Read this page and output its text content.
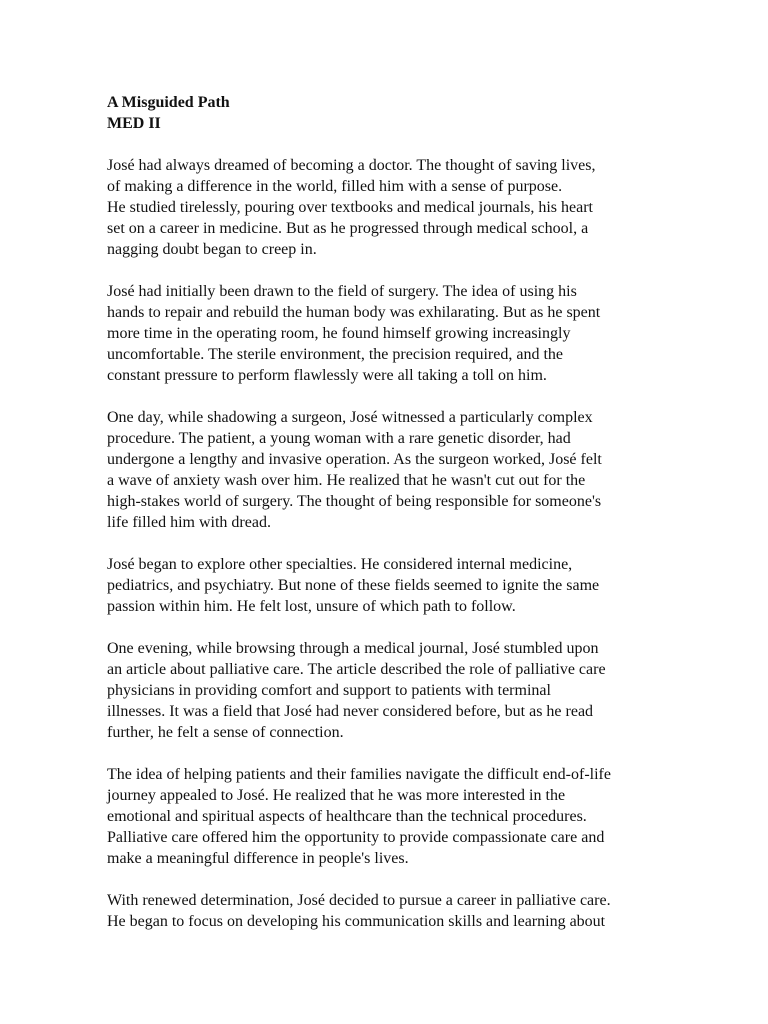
A Misguided Path
MED II
José had always dreamed of becoming a doctor. The thought of saving lives,
of making a difference in the world, filled him with a sense of purpose.
He studied tirelessly, pouring over textbooks and medical journals, his heart
set on a career in medicine. But as he progressed through medical school, a
nagging doubt began to creep in.
José had initially been drawn to the field of surgery. The idea of using his
hands to repair and rebuild the human body was exhilarating. But as he spent
more time in the operating room, he found himself growing increasingly
uncomfortable. The sterile environment, the precision required, and the
constant pressure to perform flawlessly were all taking a toll on him.
One day, while shadowing a surgeon, José witnessed a particularly complex
procedure. The patient, a young woman with a rare genetic disorder, had
undergone a lengthy and invasive operation. As the surgeon worked, José felt
a wave of anxiety wash over him. He realized that he wasn't cut out for the
high-stakes world of surgery. The thought of being responsible for someone's
life filled him with dread.
José began to explore other specialties. He considered internal medicine,
pediatrics, and psychiatry. But none of these fields seemed to ignite the same
passion within him. He felt lost, unsure of which path to follow.
One evening, while browsing through a medical journal, José stumbled upon
an article about palliative care. The article described the role of palliative care
physicians in providing comfort and support to patients with terminal
illnesses. It was a field that José had never considered before, but as he read
further, he felt a sense of connection.
The idea of helping patients and their families navigate the difficult end-of-life
journey appealed to José. He realized that he was more interested in the
emotional and spiritual aspects of healthcare than the technical procedures.
Palliative care offered him the opportunity to provide compassionate care and
make a meaningful difference in people's lives.
With renewed determination, José decided to pursue a career in palliative care.
He began to focus on developing his communication skills and learning about
